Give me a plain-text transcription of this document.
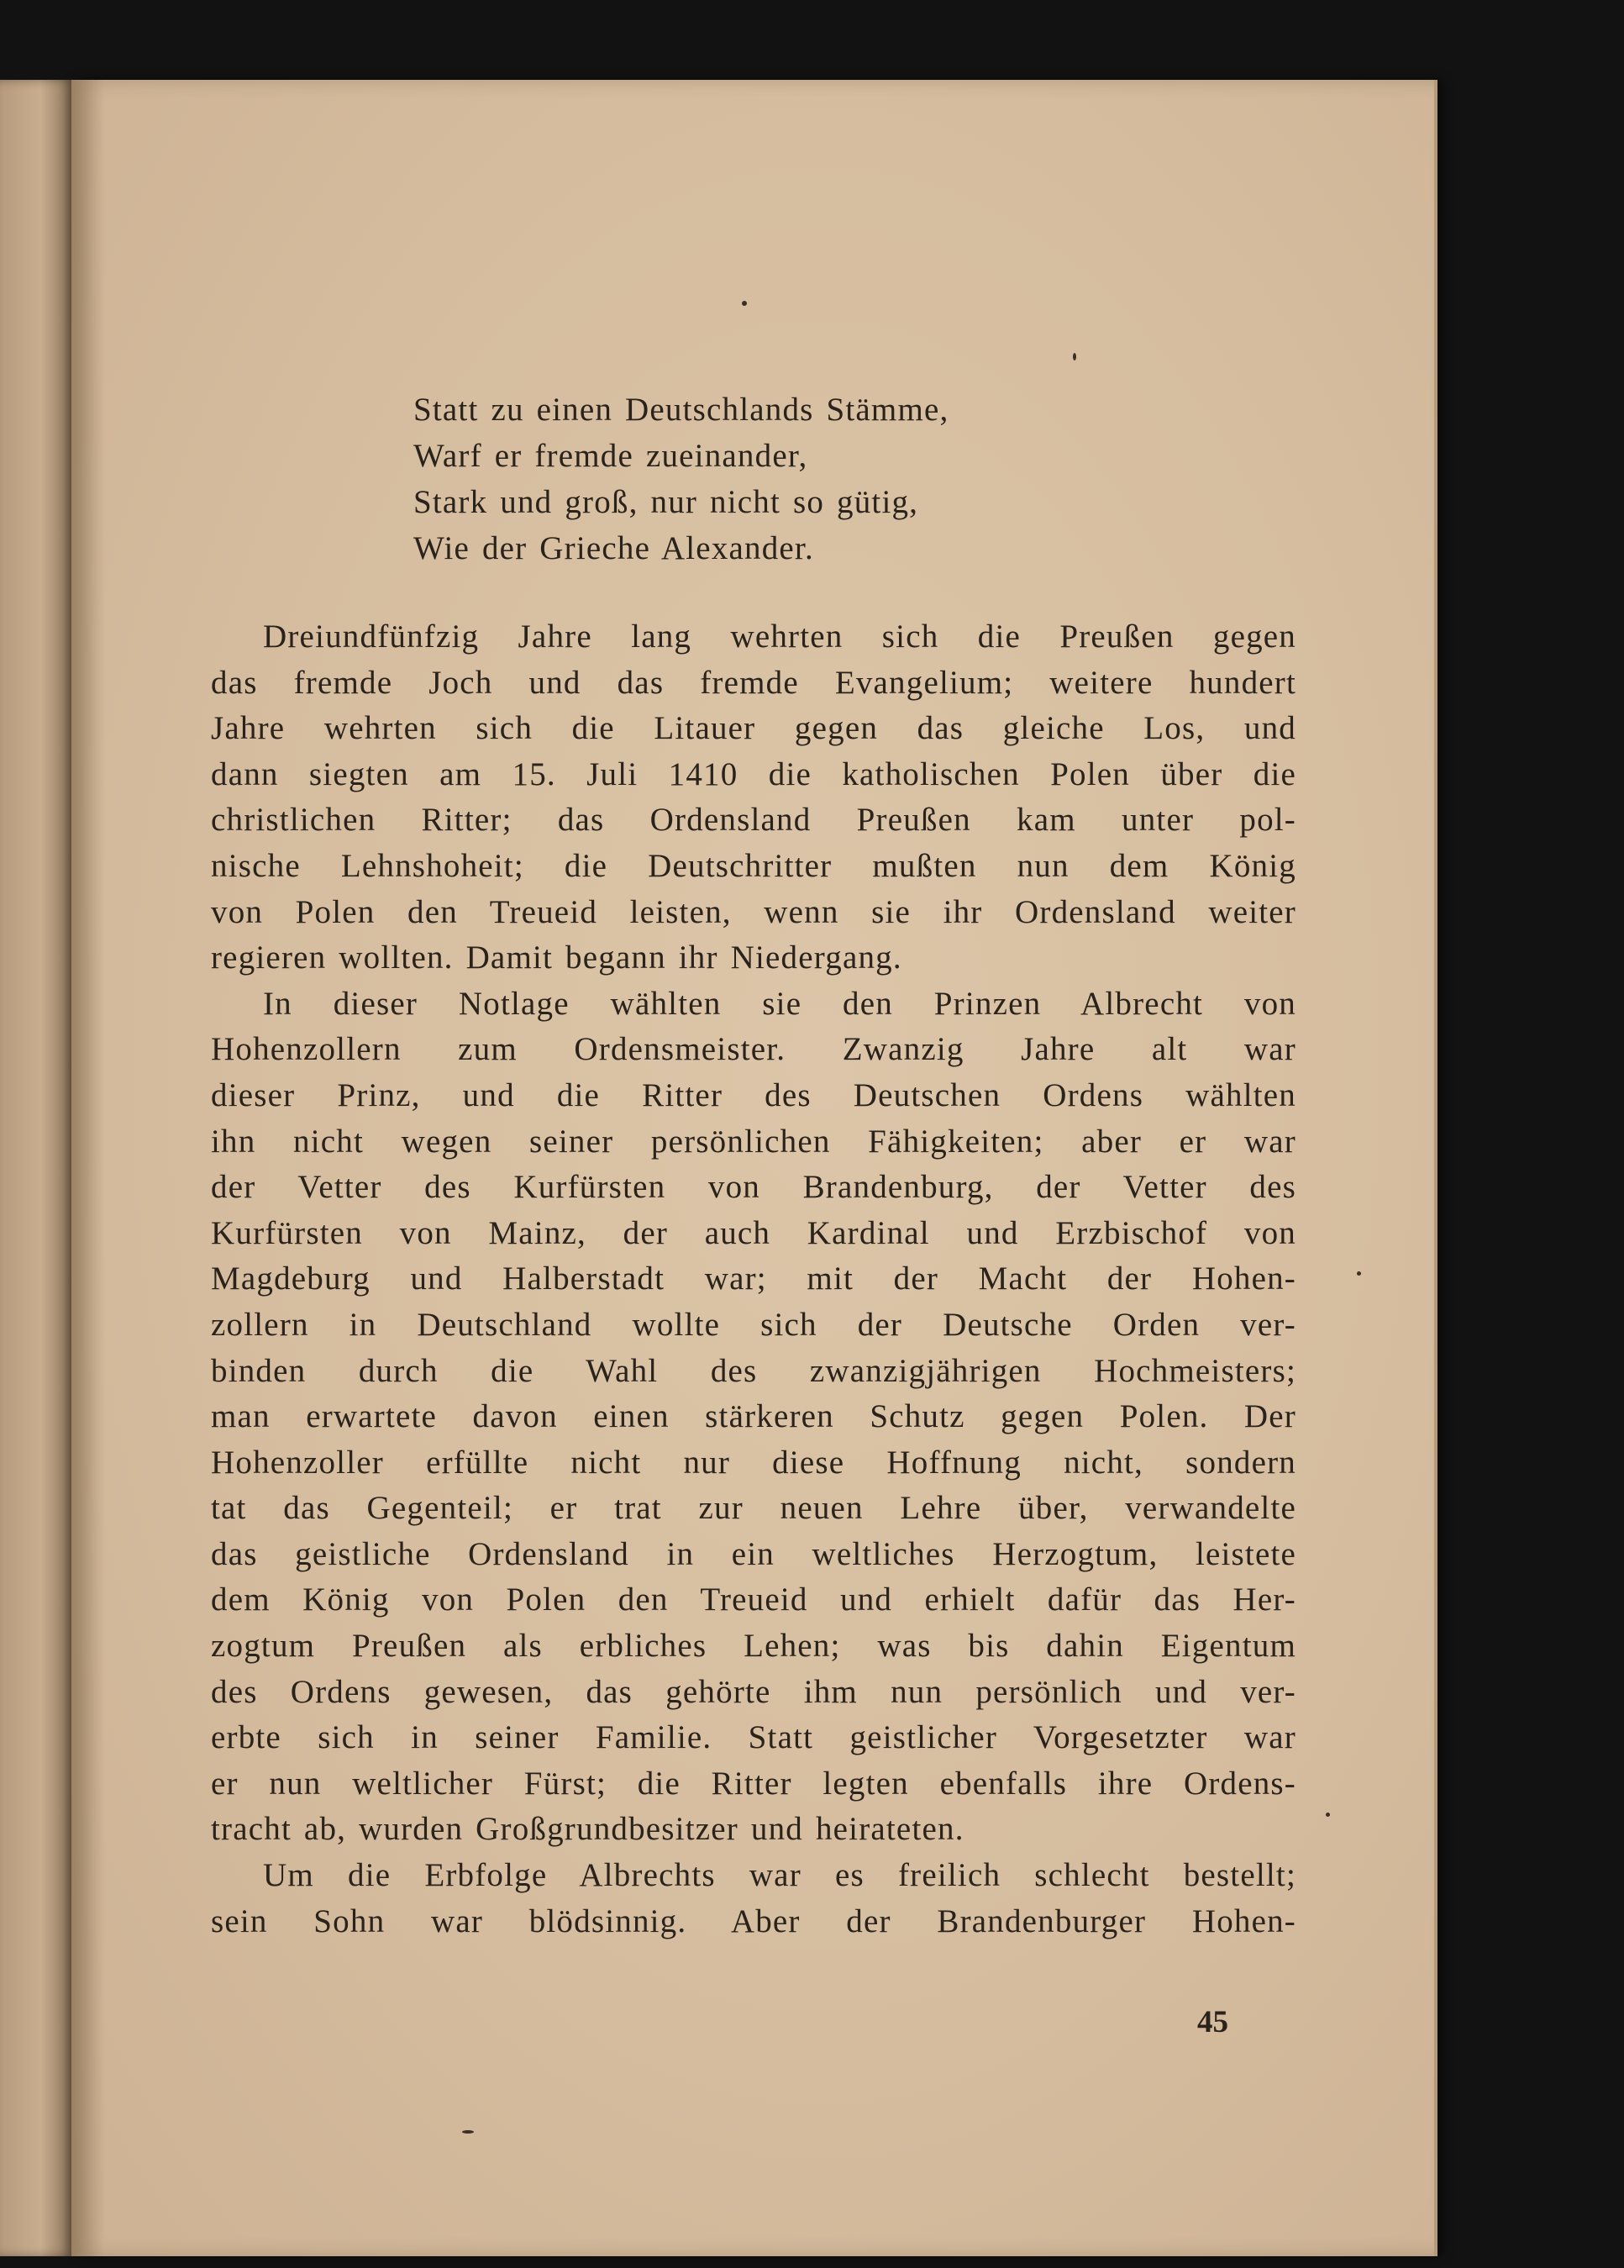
Statt zu einen Deutschlands Stämme,
Warf er fremde zueinander,
Stark und groß, nur nicht so gütig,
Wie der Grieche Alexander.
Dreiundfünfzig Jahre lang wehrten sich die Preußen gegen
das fremde Joch und das fremde Evangelium; weitere hundert
Jahre wehrten sich die Litauer gegen das gleiche Los, und
dann siegten am 15. Juli 1410 die katholischen Polen über die
christlichen Ritter; das Ordensland Preußen kam unter pol-
nische Lehnshoheit; die Deutschritter mußten nun dem König
von Polen den Treueid leisten, wenn sie ihr Ordensland weiter
regieren wollten. Damit begann ihr Niedergang.
In dieser Notlage wählten sie den Prinzen Albrecht von
Hohenzollern zum Ordensmeister. Zwanzig Jahre alt war
dieser Prinz, und die Ritter des Deutschen Ordens wählten
ihn nicht wegen seiner persönlichen Fähigkeiten; aber er war
der Vetter des Kurfürsten von Brandenburg, der Vetter des
Kurfürsten von Mainz, der auch Kardinal und Erzbischof von
Magdeburg und Halberstadt war; mit der Macht der Hohen-
zollern in Deutschland wollte sich der Deutsche Orden ver-
binden durch die Wahl des zwanzigjährigen Hochmeisters;
man erwartete davon einen stärkeren Schutz gegen Polen. Der
Hohenzoller erfüllte nicht nur diese Hoffnung nicht, sondern
tat das Gegenteil; er trat zur neuen Lehre über, verwandelte
das geistliche Ordensland in ein weltliches Herzogtum, leistete
dem König von Polen den Treueid und erhielt dafür das Her-
zogtum Preußen als erbliches Lehen; was bis dahin Eigentum
des Ordens gewesen, das gehörte ihm nun persönlich und ver-
erbte sich in seiner Familie. Statt geistlicher Vorgesetzter war
er nun weltlicher Fürst; die Ritter legten ebenfalls ihre Ordens-
tracht ab, wurden Großgrundbesitzer und heirateten.
Um die Erbfolge Albrechts war es freilich schlecht bestellt;
sein Sohn war blödsinnig. Aber der Brandenburger Hohen-
45
